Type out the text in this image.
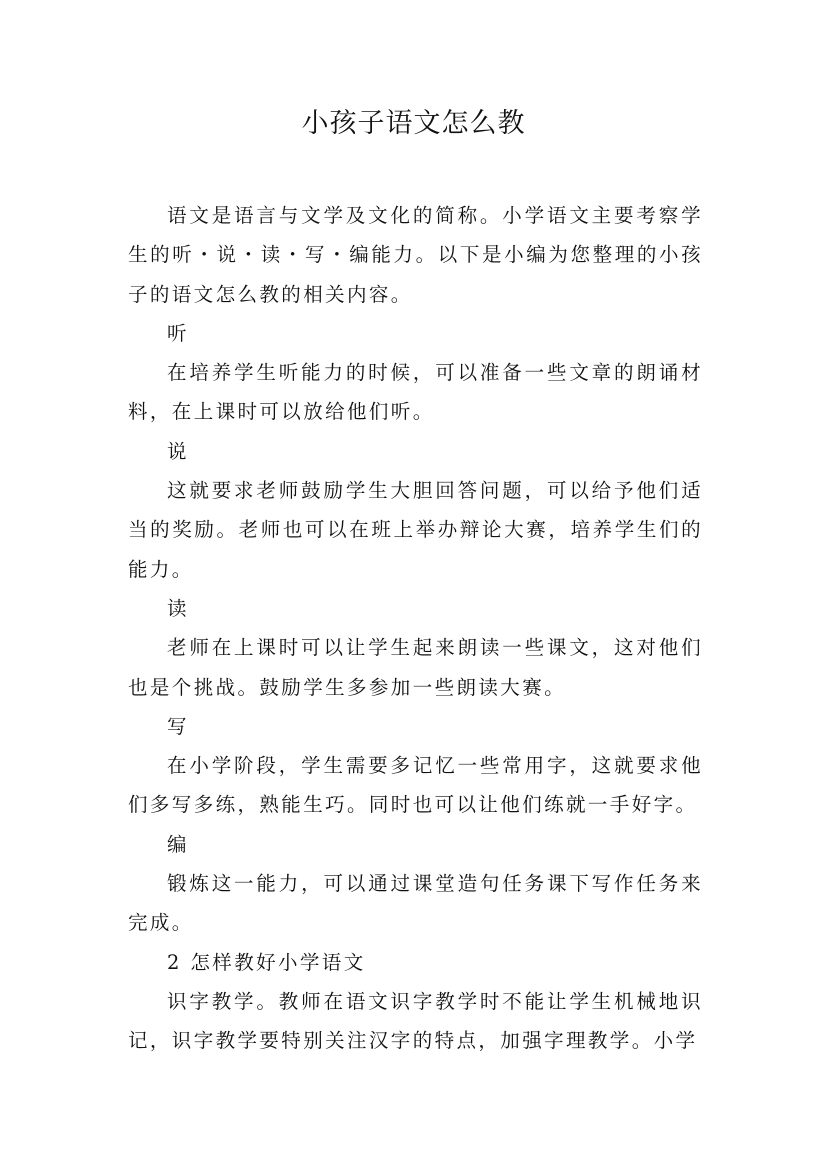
小孩子语文怎么教

语文是语言与文学及文化的简称。小学语文主要考察学生的听・说・读・写・编能力。以下是小编为您整理的小孩子的语文怎么教的相关内容。

听

在培养学生听能力的时候，可以准备一些文章的朗诵材料，在上课时可以放给他们听。

说

这就要求老师鼓励学生大胆回答问题，可以给予他们适当的奖励。老师也可以在班上举办辩论大赛，培养学生们的能力。

读

老师在上课时可以让学生起来朗读一些课文，这对他们也是个挑战。鼓励学生多参加一些朗读大赛。

写

在小学阶段，学生需要多记忆一些常用字，这就要求他们多写多练，熟能生巧。同时也可以让他们练就一手好字。

编

锻炼这一能力，可以通过课堂造句任务课下写作任务来完成。

2 怎样教好小学语文

识字教学。教师在语文识字教学时不能让学生机械地识记，识字教学要特别关注汉字的特点，加强字理教学。小学
